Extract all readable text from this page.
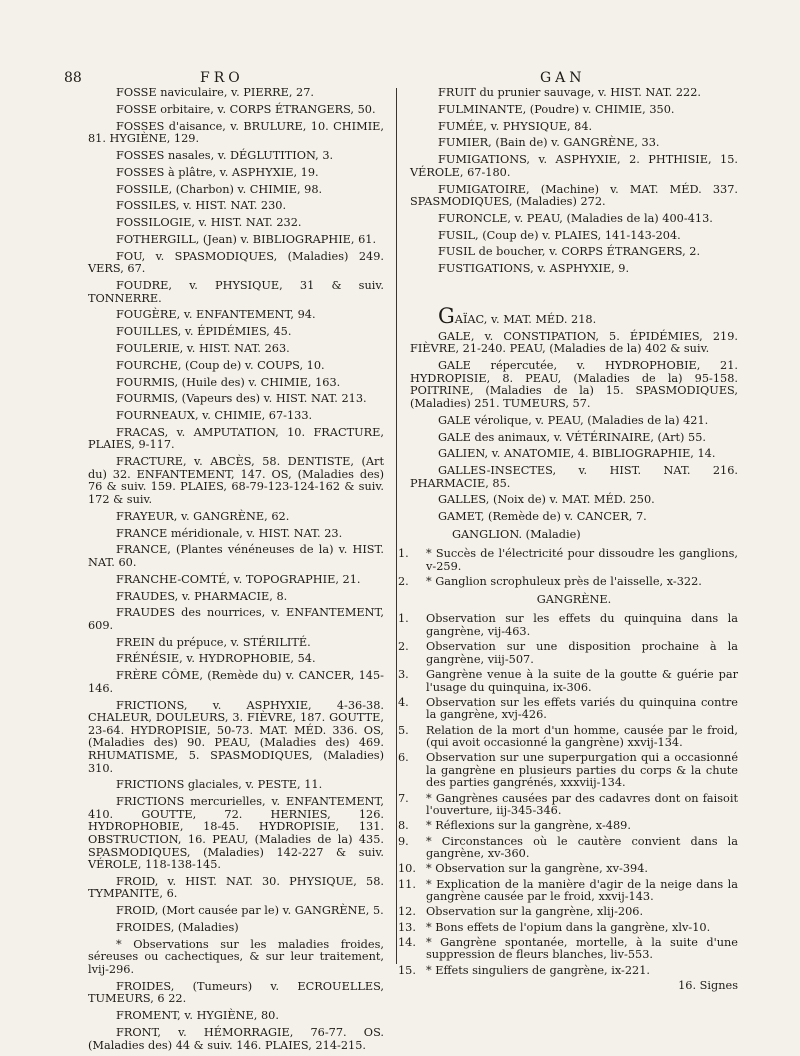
88	FRO	GAN
FOSSE naviculaire, v. PIERRE, 27.
FOSSE orbitaire, v. CORPS ÉTRANGERS, 50.
FOSSES d'aisance, v. BRULURE, 10. CHIMIE, 81. HYGIÈNE, 129.
FOSSES nasales, v. DÉGLUTITION, 3.
FOSSES à plâtre, v. ASPHYXIE, 19.
FOSSILE, (Charbon) v. CHIMIE, 98.
FOSSILES, v. HIST. NAT. 230.
FOSSILOGIE, v. HIST. NAT. 232.
FOTHERGILL, (Jean) v. BIBLIOGRAPHIE, 61.
FOU, v. SPASMODIQUES, (Maladies) 249. VERS, 67.
FOUDRE, v. PHYSIQUE, 31 & suiv. TONNERRE.
FOUGÈRE, v. ENFANTEMENT, 94.
FOUILLES, v. ÉPIDÉMIES, 45.
FOULERIE, v. HIST. NAT. 263.
FOURCHE, (Coup de) v. COUPS, 10.
FOURMIS, (Huile des) v. CHIMIE, 163.
FOURMIS, (Vapeurs des) v. HIST. NAT. 213.
FOURNEAUX, v. CHIMIE, 67-133.
FRACAS, v. AMPUTATION, 10. FRACTURE, PLAIES, 9-117.
FRACTURE, v. ABCÈS, 58. DENTISTE, (Art du) 32. ENFANTEMENT, 147. OS, (Maladies des) 76 & suiv. 159. PLAIES, 68-79-123-124-162 & suiv. 172 & suiv.
FRAYEUR, v. GANGRÈNE, 62.
FRANCE méridionale, v. HIST. NAT. 23.
FRANCE, (Plantes vénéneuses de la) v. HIST. NAT. 60.
FRANCHE-COMTÉ, v. TOPOGRAPHIE, 21.
FRAUDES, v. PHARMACIE, 8.
FRAUDES des nourrices, v. ENFANTEMENT, 609.
FREIN du prépuce, v. STÉRILITÉ.
FRÉNÉSIE, v. HYDROPHOBIE, 54.
FRÈRE CÔME, (Remède du) v. CANCER, 145-146.
FRICTIONS, v. ASPHYXIE, 4-36-38. CHALEUR, DOULEURS, 3. FIÈVRE, 187. GOUTTE, 23-64. HYDROPISIE, 50-73. MAT. MÉD. 336. OS, (Maladies des) 90. PEAU, (Maladies des) 469. RHUMATISME, 5. SPASMODIQUES, (Maladies) 310.
FRICTIONS glaciales, v. PESTE, 11.
FRICTIONS mercurielles, v. ENFANTEMENT, 410. GOUTTE, 72. HERNIES, 126. HYDROPHOBIE, 18-45. HYDROPISIE, 131. OBSTRUCTION, 16. PEAU, (Maladies de la) 435. SPASMODIQUES, (Maladies) 142-227 & suiv. VÉROLE, 118-138-145.
FROID, v. HIST. NAT. 30. PHYSIQUE, 58. TYMPANITE, 6.
FROID, (Mort causée par le) v. GANGRÈNE, 5.
FROIDES, (Maladies)
* Observations sur les maladies froides, séreuses ou cachectiques, & sur leur traitement, lvij-296.
FROIDES, (Tumeurs) v. ECROUELLES, TUMEURS, 6 22.
FROMENT, v. HYGIÈNE, 80.
FRONT, v. HÉMORRAGIE, 76-77. OS. (Maladies des) 44 & suiv. 146. PLAIES, 214-215.
FRUIT du prunier sauvage, v. HIST. NAT. 222.
FULMINANTE, (Poudre) v. CHIMIE, 350.
FUMÉE, v. PHYSIQUE, 84.
FUMIER, (Bain de) v. GANGRÈNE, 33.
FUMIGATIONS, v. ASPHYXIE, 2. PHTHISIE, 15. VÉROLE, 67-180.
FUMIGATOIRE, (Machine) v. MAT. MÉD. 337. SPASMODIQUES, (Maladies) 272.
FURONCLE, v. PEAU, (Maladies de la) 400-413.
FUSIL, (Coup de) v. PLAIES, 141-143-204.
FUSIL de boucher, v. CORPS ÉTRANGERS, 2.
FUSTIGATIONS, v. ASPHYXIE, 9.
GAÏAC, v. MAT. MÉD. 218.
GALE, v. CONSTIPATION, 5. ÉPIDÉMIES, 219. FIÈVRE, 21-240. PEAU, (Maladies de la) 402 & suiv.
GALE répercutée, v. HYDROPHOBIE, 21. HYDROPISIE, 8. PEAU, (Maladies de la) 95-158. POITRINE, (Maladies de la) 15. SPASMODIQUES, (Maladies) 251. TUMEURS, 57.
GALE vérolique, v. PEAU, (Maladies de la) 421.
GALE des animaux, v. VÉTÉRINAIRE, (Art) 55.
GALIEN, v. ANATOMIE, 4. BIBLIOGRAPHIE, 14.
GALLES-INSECTES, v. HIST. NAT. 216. PHARMACIE, 85.
GALLES, (Noix de) v. MAT. MÉD. 250.
GAMET, (Remède de) v. CANCER, 7.
GANGLION. (Maladie)
1. * Succès de l'électricité pour dissoudre les ganglions, v-259.
2. * Ganglion scrophuleux près de l'aisselle, x-322.
GANGRÈNE.
1. Observation sur les effets du quinquina dans la gangrène, vij-463.
2. Observation sur une disposition prochaine à la gangrène, viij-507.
3. Gangrène venue à la suite de la goutte & guérie par l'usage du quinquina, ix-306.
4. Observation sur les effets variés du quinquina contre la gangrène, xvj-426.
5. Relation de la mort d'un homme, causée par le froid, (qui avoit occasionné la gangrène) xxvij-134.
6. Observation sur une superpurgation qui a occasionné la gangrène en plusieurs parties du corps & la chute des parties gangrénés, xxxviij-134.
7. * Gangrènes causées par des cadavres dont on faisoit l'ouverture, iij-345-346.
8. * Réflexions sur la gangrène, x-489.
9. * Circonstances où le cautère convient dans la gangrène, xv-360.
10. * Observation sur la gangrène, xv-394.
11. * Explication de la manière d'agir de la neige dans la gangrène causée par le froid, xxvij-143.
12. Observation sur la gangrène, xlij-206.
13. * Bons effets de l'opium dans la gangrène, xlv-10.
14. * Gangrène spontanée, mortelle, à la suite d'une suppression de fleurs blanches, liv-553.
15. * Effets singuliers de gangrène, ix-221.
16. Signes
